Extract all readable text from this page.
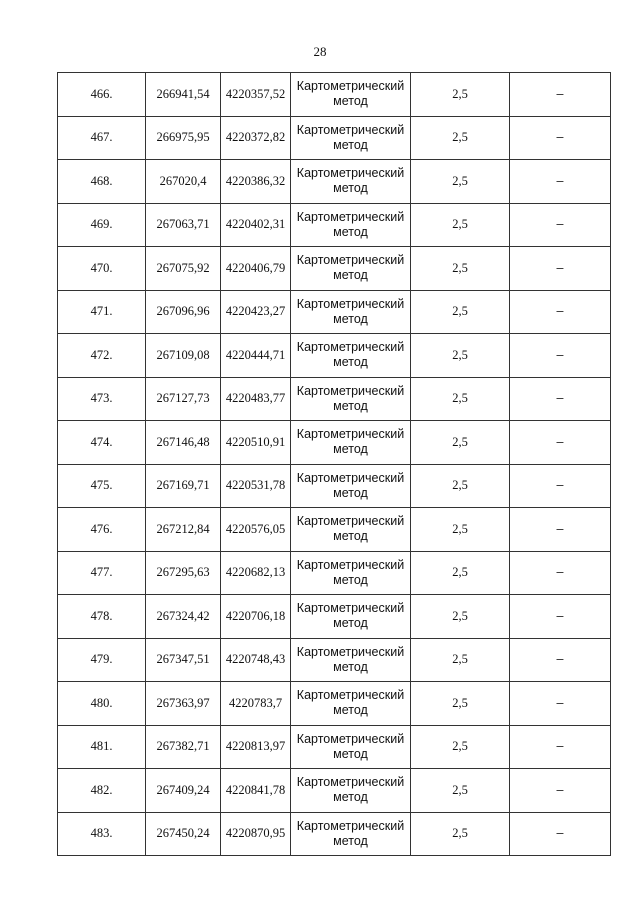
28
466.	266941,54	4220357,52	Картометрический метод	2,5	–
467.	266975,95	4220372,82	Картометрический метод	2,5	–
468.	267020,4	4220386,32	Картометрический метод	2,5	–
469.	267063,71	4220402,31	Картометрический метод	2,5	–
470.	267075,92	4220406,79	Картометрический метод	2,5	–
471.	267096,96	4220423,27	Картометрический метод	2,5	–
472.	267109,08	4220444,71	Картометрический метод	2,5	–
473.	267127,73	4220483,77	Картометрический метод	2,5	–
474.	267146,48	4220510,91	Картометрический метод	2,5	–
475.	267169,71	4220531,78	Картометрический метод	2,5	–
476.	267212,84	4220576,05	Картометрический метод	2,5	–
477.	267295,63	4220682,13	Картометрический метод	2,5	–
478.	267324,42	4220706,18	Картометрический метод	2,5	–
479.	267347,51	4220748,43	Картометрический метод	2,5	–
480.	267363,97	4220783,7	Картометрический метод	2,5	–
481.	267382,71	4220813,97	Картометрический метод	2,5	–
482.	267409,24	4220841,78	Картометрический метод	2,5	–
483.	267450,24	4220870,95	Картометрический метод	2,5	–
